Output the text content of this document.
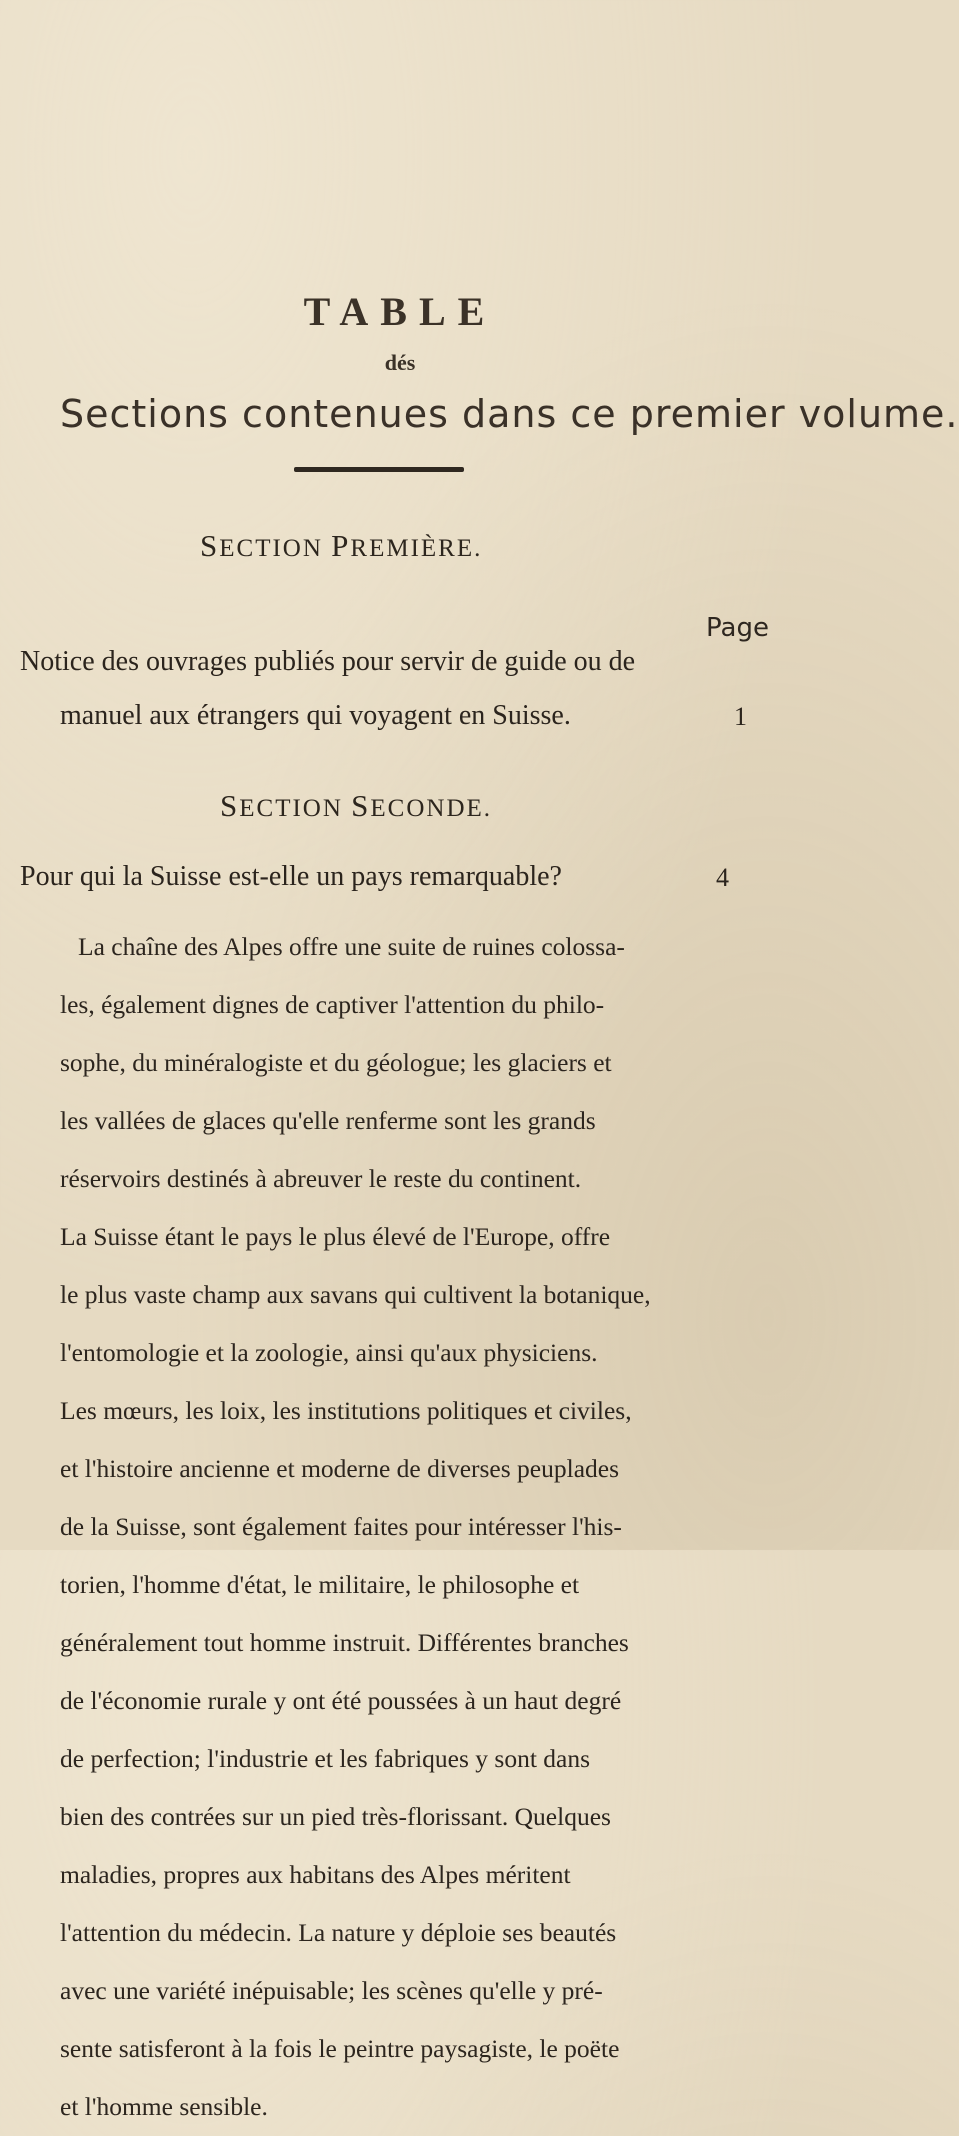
TABLE
dés
Sections contenues dans ce premier volume.
SECTION PREMIÈRE.
Page
Notice des ouvrages publiés pour servir de guide ou de
manuel aux étrangers qui voyagent en Suisse.	1
SECTION SECONDE.
Pour qui la Suisse est-elle un pays remarquable?	4
La chaîne des Alpes offre une suite de ruines colossa-
les, également dignes de captiver l'attention du philo-
sophe, du minéralogiste et du géologue; les glaciers et
les vallées de glaces qu'elle renferme sont les grands
réservoirs destinés à abreuver le reste du continent.
La Suisse étant le pays le plus élevé de l'Europe, offre
le plus vaste champ aux savans qui cultivent la botanique,
l'entomologie et la zoologie, ainsi qu'aux physiciens.
Les mœurs, les loix, les institutions politiques et civiles,
et l'histoire ancienne et moderne de diverses peuplades
de la Suisse, sont également faites pour intéresser l'his-
torien, l'homme d'état, le militaire, le philosophe et
généralement tout homme instruit. Différentes branches
de l'économie rurale y ont été poussées à un haut degré
de perfection; l'industrie et les fabriques y sont dans
bien des contrées sur un pied très-florissant. Quelques
maladies, propres aux habitans des Alpes méritent
l'attention du médecin. La nature y déploie ses beautés
avec une variété inépuisable; les scènes qu'elle y pré-
sente satisferont à la fois le peintre paysagiste, le poëte
et l'homme sensible.
